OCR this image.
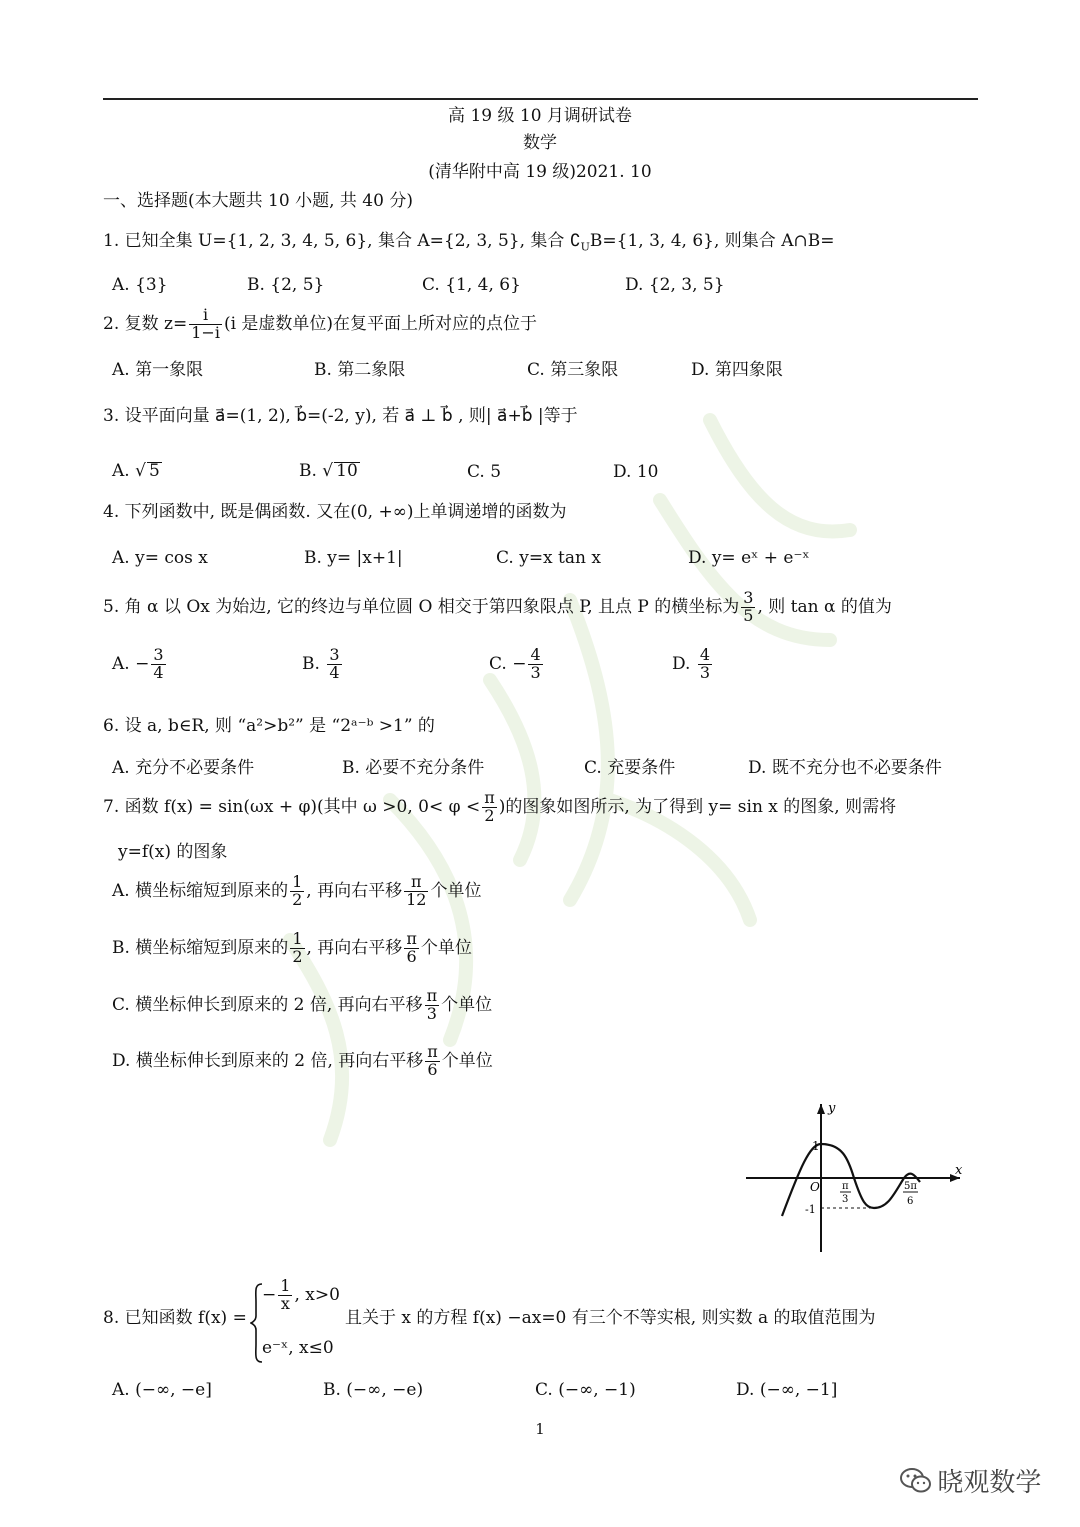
高 19 级 10 月调研试卷
数学
(清华附中高 19 级)2021. 10
一、选择题(本大题共 10 小题, 共 40 分)
1. 已知全集 U={1, 2, 3, 4, 5, 6}, 集合 A={2, 3, 5}, 集合 $∁_UB=\{1$, 3, 4, 6}, 则集合 A∩B=
A. {3}	B. {2, 5}	C. {1, 4, 6}	D. {2, 3, 5}
2. 复数 $z= \frac{i}{1-i} (i$ 是虚数单位)在复平面上所对应的点位于
A. 第一象限	B. 第二象限	C. 第三象限	D. 第四象限
3. 设平面向量 a⃗=(1, 2), b⃗=(-2, y), 若 a⃗ ⊥ b⃗ , 则| a⃗+b⃗ |等于
A. √ 5	B. √ 10	C. 5	D. 10
4. 下列函数中, 既是偶函数. 又在(0, +∞)上单调递增的函数为
A. y= cos x	B. y= |x+1|	C. y=x tan x	D. y= eˣ + e⁻ˣ
5. 角 α 以 Ox 为始边, 它的终边与单位圆 O 相交于第四象限点 P, 且点 P 的横坐标为 $\frac{3}{5}$ , 则 tan α 的值为
A. − $\frac{3}{4}$	B. $\frac{3}{4}$	C. − $\frac{4}{3}$	D. $\frac{4}{3}$
6. 设 a, b∈R, 则 “a²>b²” 是 “2ᵃ⁻ᵇ >1” 的
A. 充分不必要条件	B. 必要不充分条件	C. 充要条件	D. 既不充分也不必要条件
7. 函数 f(x) = sin(ωx + φ)(其中 ω >0, $0< \varphi < \frac{\pi}{2}$ )的图象如图所示, 为了得到 y= sin x 的图象, 则需将
y=f(x) 的图象
A. 横坐标缩短到原来的 $\frac{1}{2}$ , 再向右平移 $\frac{\pi}{12}$ 个单位
B. 横坐标缩短到原来的 $\frac{1}{2}$ , 再向右平移 $\frac{\pi}{6}$ 个单位
C. 横坐标伸长到原来的 2 倍, 再向右平移 $\frac{\pi}{3}$ 个单位
D. 横坐标伸长到原来的 2 倍, 再向右平移 $\frac{\pi}{6}$ 个单位
y
x
1
O
-1
π
3
5π
6
8. 已知函数 f(x) =
− $\frac{1}{x}$ , x>0
e⁻ˣ, x≤0
且关于 x 的方程 f(x) −ax=0 有三个不等实根, 则实数 a 的取值范围为
A. (−∞, −e]	B. (−∞, −e)	C. (−∞, −1)	D. (−∞, −1]
1
晓观数学
